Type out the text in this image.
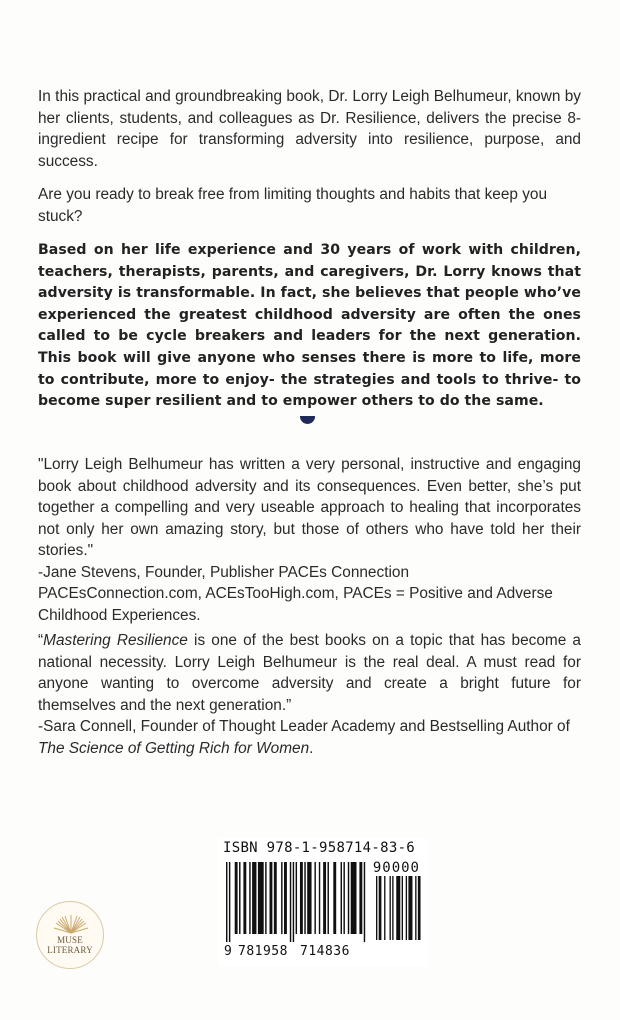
In this practical and groundbreaking book, Dr. Lorry Leigh Belhumeur, known by her clients, students, and colleagues as Dr. Resilience, delivers the precise 8-ingredient recipe for transforming adversity into resilience, purpose, and success.

Are you ready to break free from limiting thoughts and habits that keep you stuck?

Based on her life experience and 30 years of work with children, teachers, therapists, parents, and caregivers, Dr. Lorry knows that adversity is transformable. In fact, she believes that people who’ve experienced the greatest childhood adversity are often the ones called to be cycle breakers and leaders for the next generation. This book will give anyone who senses there is more to life, more to contribute, more to enjoy- the strategies and tools to thrive- to become super resilient and to empower others to do the same.

"Lorry Leigh Belhumeur has written a very personal, instructive and engaging book about childhood adversity and its consequences. Even better, she’s put together a compelling and very useable approach to healing that incorporates not only her own amazing story, but those of others who have told her their stories."
-Jane Stevens, Founder, Publisher PACEs Connection
PACEsConnection.com, ACEsTooHigh.com, PACEs = Positive and Adverse Childhood Experiences.
“Mastering Resilience is one of the best books on a topic that has become a national necessity. Lorry Leigh Belhumeur is the real deal. A must read for anyone wanting to overcome adversity and create a bright future for themselves and the next generation.”
-Sara Connell, Founder of Thought Leader Academy and Bestselling Author of The Science of Getting Rich for Women.
MUSE
LITERARY
ISBN 978-1-958714-83-6
90000
9 781958 714836
